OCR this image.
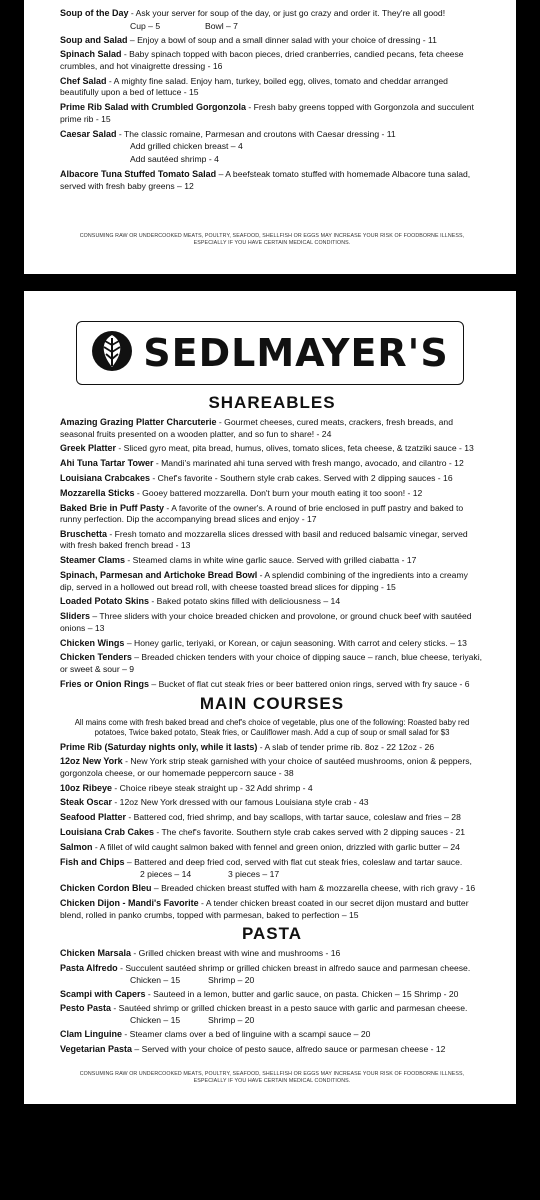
Soup of the Day - Ask your server for soup of the day, or just go crazy and order it. They're all good!
Cup – 5	Bowl – 7
Soup and Salad – Enjoy a bowl of soup and a small dinner salad with your choice of dressing - 11
Spinach Salad - Baby spinach topped with bacon pieces, dried cranberries, candied pecans, feta cheese crumbles, and hot vinaigrette dressing - 16
Chef Salad - A mighty fine salad. Enjoy ham, turkey, boiled egg, olives, tomato and cheddar arranged beautifully upon a bed of lettuce - 15
Prime Rib Salad with Crumbled Gorgonzola - Fresh baby greens topped with Gorgonzola and succulent prime rib - 15
Caesar Salad - The classic romaine, Parmesan and croutons with Caesar dressing - 11
Add grilled chicken breast – 4
Add sautéed shrimp - 4
Albacore Tuna Stuffed Tomato Salad – A beefsteak tomato stuffed with homemade Albacore tuna salad, served with fresh baby greens – 12
CONSUMING RAW OR UNDERCOOKED MEATS, POULTRY, SEAFOOD, SHELLFISH OR EGGS MAY INCREASE YOUR RISK OF FOODBORNE ILLNESS,
ESPECIALLY IF YOU HAVE CERTAIN MEDICAL CONDITIONS.
SEDLMAYER'S
SHAREABLES
Amazing Grazing Platter Charcuterie - Gourmet cheeses, cured meats, crackers, fresh breads, and seasonal fruits presented on a wooden platter, and so fun to share! - 24
Greek Platter - Sliced gyro meat, pita bread, humus, olives, tomato slices, feta cheese, & tzatziki sauce - 13
Ahi Tuna Tartar Tower - Mandi's marinated ahi tuna served with fresh mango, avocado, and cilantro - 12
Louisiana Crabcakes - Chef's favorite - Southern style crab cakes. Served with 2 dipping sauces - 16
Mozzarella Sticks - Gooey battered mozzarella. Don't burn your mouth eating it too soon! - 12
Baked Brie in Puff Pasty - A favorite of the owner's. A round of brie enclosed in puff pastry and baked to runny perfection. Dip the accompanying bread slices and enjoy - 17
Bruschetta - Fresh tomato and mozzarella slices dressed with basil and reduced balsamic vinegar, served with fresh baked french bread - 13
Steamer Clams - Steamed clams in white wine garlic sauce. Served with grilled ciabatta - 17
Spinach, Parmesan and Artichoke Bread Bowl - A splendid combining of the ingredients into a creamy dip, served in a hollowed out bread roll, with cheese toasted bread slices for dipping - 15
Loaded Potato Skins - Baked potato skins filled with deliciousness – 14
Sliders – Three sliders with your choice breaded chicken and provolone, or ground chuck beef with sautéed onions – 13
Chicken Wings – Honey garlic, teriyaki, or Korean, or cajun seasoning. With carrot and celery sticks. – 13
Chicken Tenders – Breaded chicken tenders with your choice of dipping sauce – ranch, blue cheese, teriyaki, or sweet & sour – 9
Fries or Onion Rings – Bucket of flat cut steak fries or beer battered onion rings, served with fry sauce - 6
MAIN COURSES
All mains come with fresh baked bread and chef's choice of vegetable, plus one of the following: Roasted baby red potatoes, Twice baked potato, Steak fries, or Cauliflower mash. Add a cup of soup or small salad for $3
Prime Rib (Saturday nights only, while it lasts) - A slab of tender prime rib. 8oz - 22 12oz - 26
12oz New York - New York strip steak garnished with your choice of sautéed mushrooms, onion & peppers, gorgonzola cheese, or our homemade peppercorn sauce - 38
10oz Ribeye - Choice ribeye steak straight up - 32 Add shrimp - 4
Steak Oscar - 12oz New York dressed with our famous Louisiana style crab - 43
Seafood Platter - Battered cod, fried shrimp, and bay scallops, with tartar sauce, coleslaw and fries – 28
Louisiana Crab Cakes - The chef's favorite. Southern style crab cakes served with 2 dipping sauces - 21
Salmon - A fillet of wild caught salmon baked with fennel and green onion, drizzled with garlic butter – 24
Fish and Chips – Battered and deep fried cod, served with flat cut steak fries, coleslaw and tartar sauce.
2 pieces – 14	3 pieces – 17
Chicken Cordon Bleu – Breaded chicken breast stuffed with ham & mozzarella cheese, with rich gravy - 16
Chicken Dijon - Mandi's Favorite - A tender chicken breast coated in our secret dijon mustard and butter blend, rolled in panko crumbs, topped with parmesan, baked to perfection – 15
PASTA
Chicken Marsala - Grilled chicken breast with wine and mushrooms - 16
Pasta Alfredo - Succulent sautéed shrimp or grilled chicken breast in alfredo sauce and parmesan cheese.
Chicken – 15	Shrimp – 20
Scampi with Capers - Sauteed in a lemon, butter and garlic sauce, on pasta. Chicken – 15 Shrimp - 20
Pesto Pasta - Sautéed shrimp or grilled chicken breast in a pesto sauce with garlic and parmesan cheese.
Chicken – 15	Shrimp – 20
Clam Linguine - Steamer clams over a bed of linguine with a scampi sauce – 20
Vegetarian Pasta – Served with your choice of pesto sauce, alfredo sauce or parmesan cheese - 12
CONSUMING RAW OR UNDERCOOKED MEATS, POULTRY, SEAFOOD, SHELLFISH OR EGGS MAY INCREASE YOUR RISK OF FOODBORNE ILLNESS,
ESPECIALLY IF YOU HAVE CERTAIN MEDICAL CONDITIONS.
